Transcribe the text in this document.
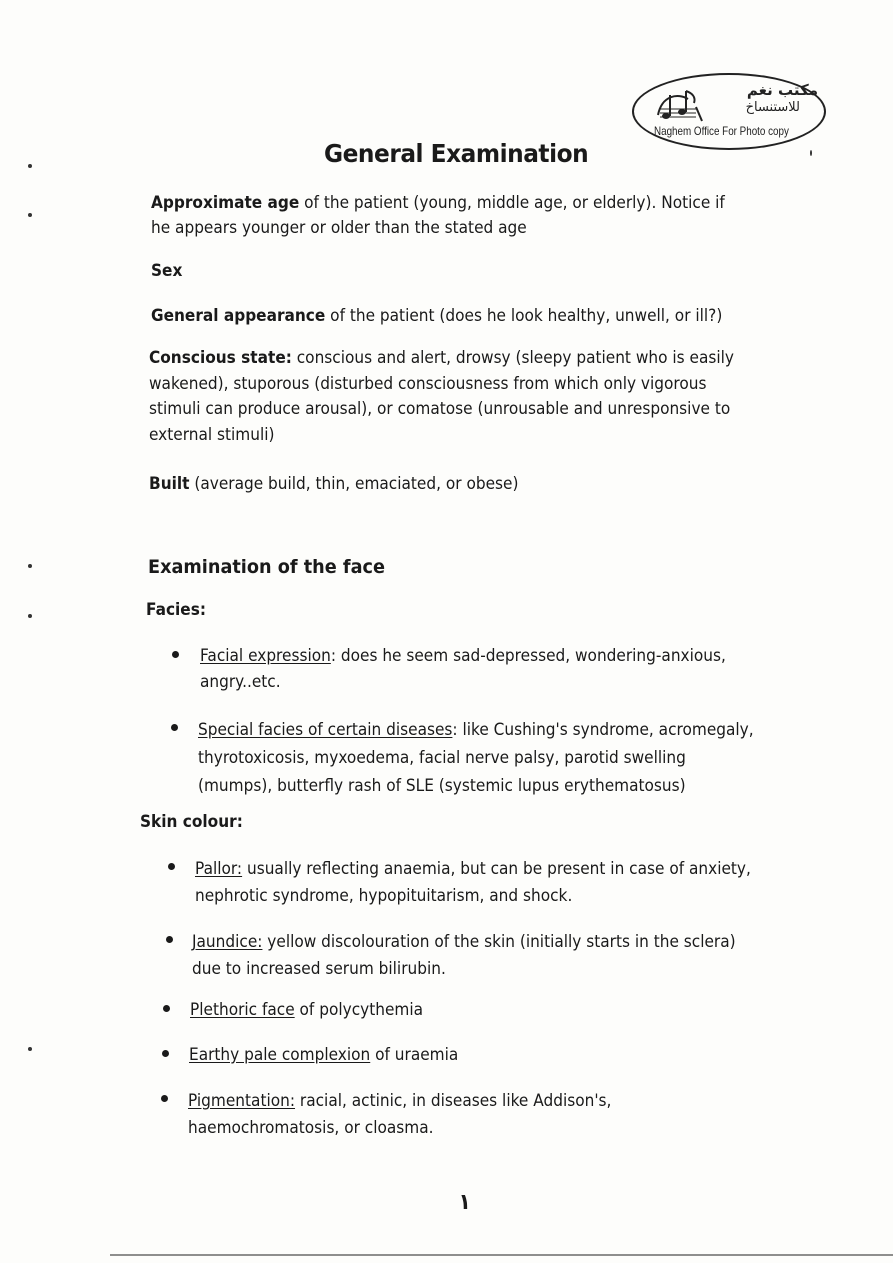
مكتب نغم
للاستنساخ
Naghem Office For Photo copy
General Examination
Approximate age of the patient (young, middle age, or elderly). Notice if he appears younger or older than the stated age
Sex
General appearance of the patient (does he look healthy, unwell, or ill?)
Conscious state: conscious and alert, drowsy (sleepy patient who is easily wakened), stuporous (disturbed consciousness from which only vigorous stimuli can produce arousal), or comatose (unrousable and unresponsive to external stimuli)
Built (average build, thin, emaciated, or obese)
Examination of the face
Facies:
Facial expression: does he seem sad-depressed, wondering-anxious, angry..etc.
Special facies of certain diseases: like Cushing's syndrome, acromegaly, thyrotoxicosis, myxoedema, facial nerve palsy, parotid swelling (mumps), butterfly rash of SLE (systemic lupus erythematosus)
Skin colour:
Pallor: usually reflecting anaemia, but can be present in case of anxiety, nephrotic syndrome, hypopituitarism, and shock.
Jaundice: yellow discolouration of the skin (initially starts in the sclera) due to increased serum bilirubin.
Plethoric face of polycythemia
Earthy pale complexion of uraemia
Pigmentation: racial, actinic, in diseases like Addison's, haemochromatosis, or cloasma.
١
